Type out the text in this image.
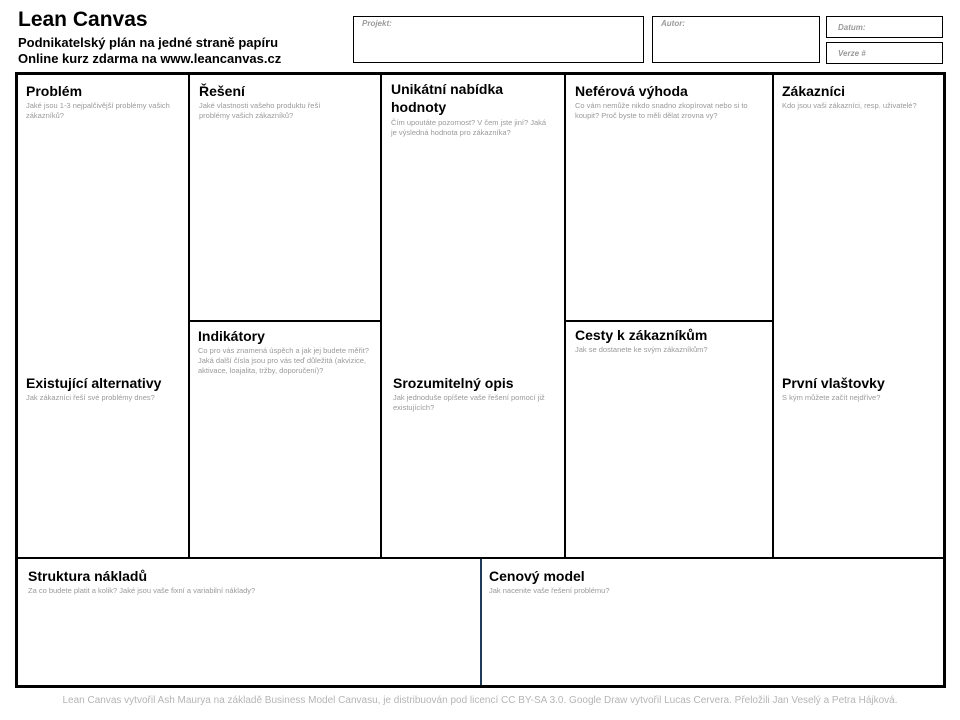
Lean Canvas
Podnikatelský plán na jedné straně papíru
Online kurz zdarma na www.leancanvas.cz
Projekt:	Autor:	Datum:
Verze #
Problém
Jaké jsou 1-3 nejpalčivější problémy vašich zákazníků?
Existující alternativy
Jak zákazníci řeší své problémy dnes?
Řešení
Jaké vlastnosti vašeho produktu řeší problémy vašich zákazníků?
Indikátory
Co pro vás znamená úspěch a jak jej budete měřit? Jaká další čísla jsou pro vás teď důležitá (akvizice, aktivace, loajalita, tržby, doporučení)?
Unikátní nabídka hodnoty
Čím upoutáte pozornost? V čem jste jiní? Jaká je výsledná hodnota pro zákazníka?
Srozumitelný opis
Jak jednoduše opíšete vaše řešení pomocí již existujících?
Neférová výhoda
Co vám nemůže nikdo snadno zkopírovat nebo si to koupit? Proč byste to měli dělat zrovna vy?
Cesty k zákazníkům
Jak se dostanete ke svým zákazníkům?
Zákazníci
Kdo jsou vaši zákazníci, resp. uživatelé?
První vlaštovky
S kým můžete začít nejdříve?
Struktura nákladů
Za co budete platit a kolik? Jaké jsou vaše fixní a variabilní náklady?
Cenový model
Jak nacenite vaše řešení problému?
Lean Canvas vytvořil Ash Maurya na základě Business Model Canvasu, je distribuován pod licencí CC BY-SA 3.0. Google Draw vytvořil Lucas Cervera. Přeložili Jan Veselý a Petra Hájková.
